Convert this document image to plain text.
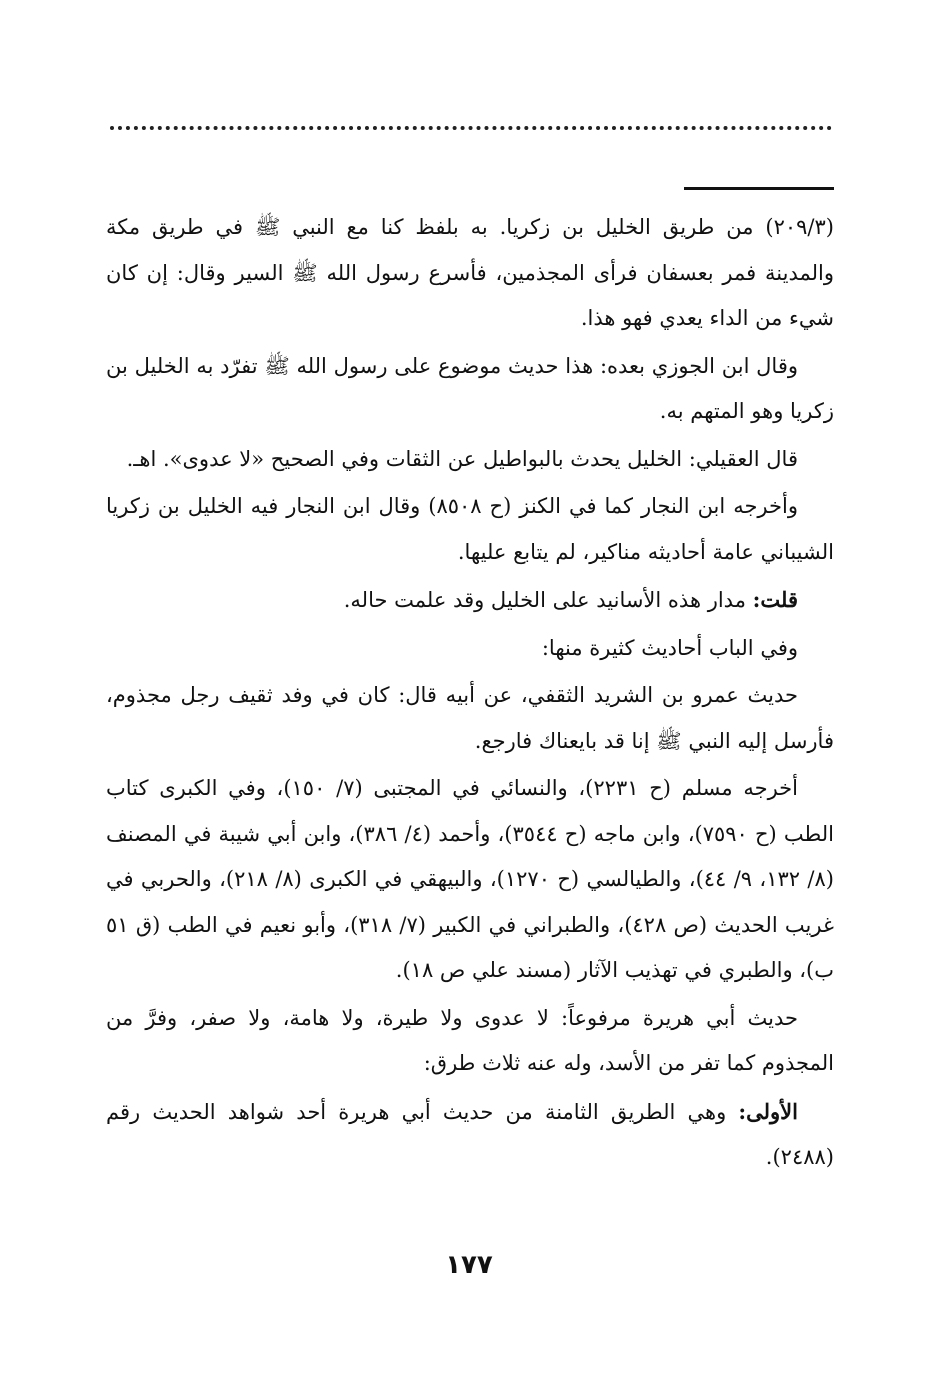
(٢٠٩/٣) من طريق الخليل بن زكريا. به بلفظ كنا مع النبي ﷺ في طريق مكة والمدينة فمر بعسفان فرأى المجذمين، فأسرع رسول الله ﷺ السير وقال: إن كان شيء من الداء يعدي فهو هذا.

وقال ابن الجوزي بعده: هذا حديث موضوع على رسول الله ﷺ تفرّد به الخليل بن زكريا وهو المتهم به.

قال العقيلي: الخليل يحدث بالبواطيل عن الثقات وفي الصحيح «لا عدوى». اهـ.

وأخرجه ابن النجار كما في الكنز (ح ٨٥٠٨) وقال ابن النجار فيه الخليل بن زكريا الشيباني عامة أحاديثه مناكير، لم يتابع عليها.

قلت: مدار هذه الأسانيد على الخليل وقد علمت حاله.

وفي الباب أحاديث كثيرة منها:

حديث عمرو بن الشريد الثقفي، عن أبيه قال: كان في وفد ثقيف رجل مجذوم، فأرسل إليه النبي ﷺ إنا قد بايعناك فارجع.

أخرجه مسلم (ح ٢٢٣١)، والنسائي في المجتبى (٧/ ١٥٠)، وفي الكبرى كتاب الطب (ح ٧٥٩٠)، وابن ماجه (ح ٣٥٤٤)، وأحمد (٤/ ٣٨٦)، وابن أبي شيبة في المصنف (٨/ ١٣٢، ٩/ ٤٤)، والطيالسي (ح ١٢٧٠)، والبيهقي في الكبرى (٨/ ٢١٨)، والحربي في غريب الحديث (ص ٤٢٨)، والطبراني في الكبير (٧/ ٣١٨)، وأبو نعيم في الطب (ق ٥١ ب)، والطبري في تهذيب الآثار (مسند علي ص ١٨).

حديث أبي هريرة مرفوعاً: لا عدوى ولا طيرة، ولا هامة، ولا صفر، وفرَّ من المجذوم كما تفر من الأسد، وله عنه ثلاث طرق:

الأولى: وهي الطريق الثامنة من حديث أبي هريرة أحد شواهد الحديث رقم (٢٤٨٨).

١٧٧
